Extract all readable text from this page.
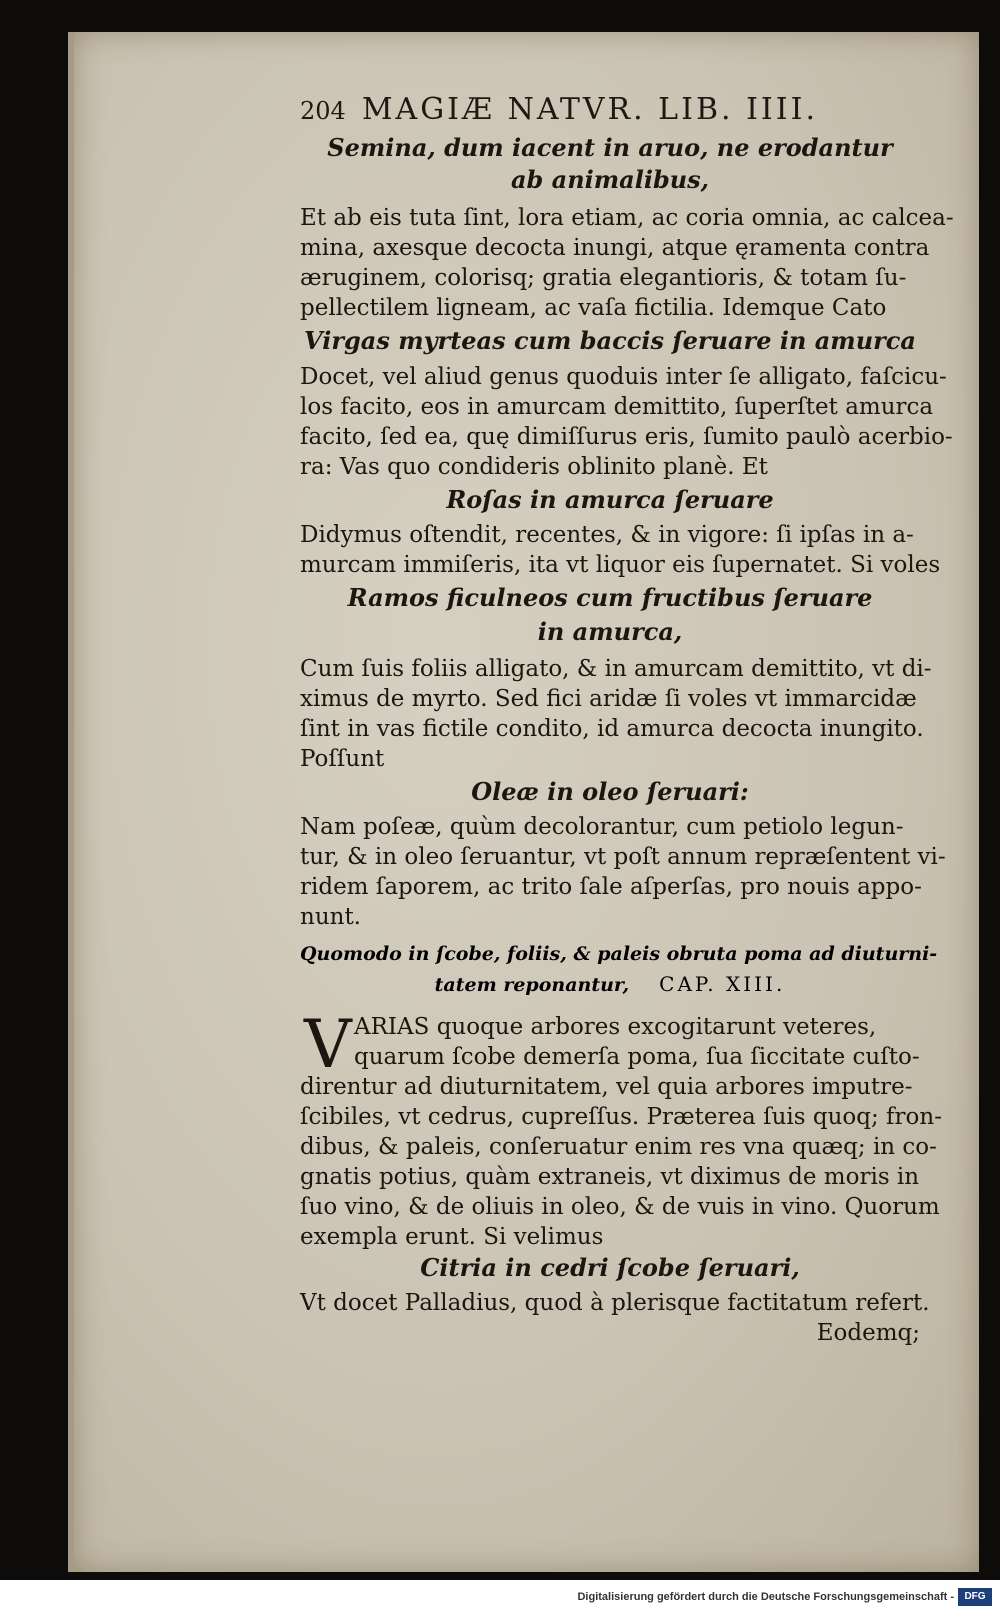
204 MAGIÆ NATVR. LIB. IIII.
Semina, dum iacent in aruo, ne erodantur
ab animalibus,
Et ab eis tuta ſint, lora etiam, ac coria omnia, ac calcea-
mina, axesque decocta inungi, atque ęramenta contra
æruginem, colorisq; gratia elegantioris, & totam ſu-
pellectilem ligneam, ac vaſa fictilia. Idemque Cato
Virgas myrteas cum baccis ſeruare in amurca
Docet, vel aliud genus quoduis inter ſe alligato, faſcicu-
los facito, eos in amurcam demittito, ſuperſtet amurca
facito, ſed ea, quę dimiſſurus eris, ſumito paulò acerbio-
ra: Vas quo condideris oblinito planè. Et
Roſas in amurca ſeruare
Didymus oſtendit, recentes, & in vigore: ſi ipſas in a-
murcam immiſeris, ita vt liquor eis ſupernatet. Si voles
Ramos ficulneos cum fructibus ſeruare
in amurca,
Cum ſuis foliis alligato, & in amurcam demittito, vt di-
ximus de myrto. Sed fici aridæ ſi voles vt immarcidæ
ſint in vas fictile condito, id amurca decocta inungito.
Poſſunt
Oleæ in oleo ſeruari:
Nam poſeæ, quùm decolorantur, cum petiolo legun-
tur, & in oleo ſeruantur, vt poſt annum repræſentent vi-
ridem ſaporem, ac trito ſale aſperſas, pro nouis appo-
nunt.
Quomodo in ſcobe, foliis, & paleis obruta poma ad diuturni-
tatem reponantur, CAP. XIII.
V ARIAS quoque arbores excogitarunt veteres,
quarum ſcobe demerſa poma, ſua ſiccitate cuſto-
direntur ad diuturnitatem, vel quia arbores imputre-
ſcibiles, vt cedrus, cupreſſus. Præterea ſuis quoq; fron-
dibus, & paleis, conſeruatur enim res vna quæq; in co-
gnatis potius, quàm extraneis, vt diximus de moris in
ſuo vino, & de oliuis in oleo, & de vuis in vino. Quorum
exempla erunt. Si velimus
Citria in cedri ſcobe ſeruari,
Vt docet Palladius, quod à plerisque factitatum refert.
Eodemq;
Digitalisierung gefördert durch die Deutsche Forschungsgemeinschaft -	DFG
